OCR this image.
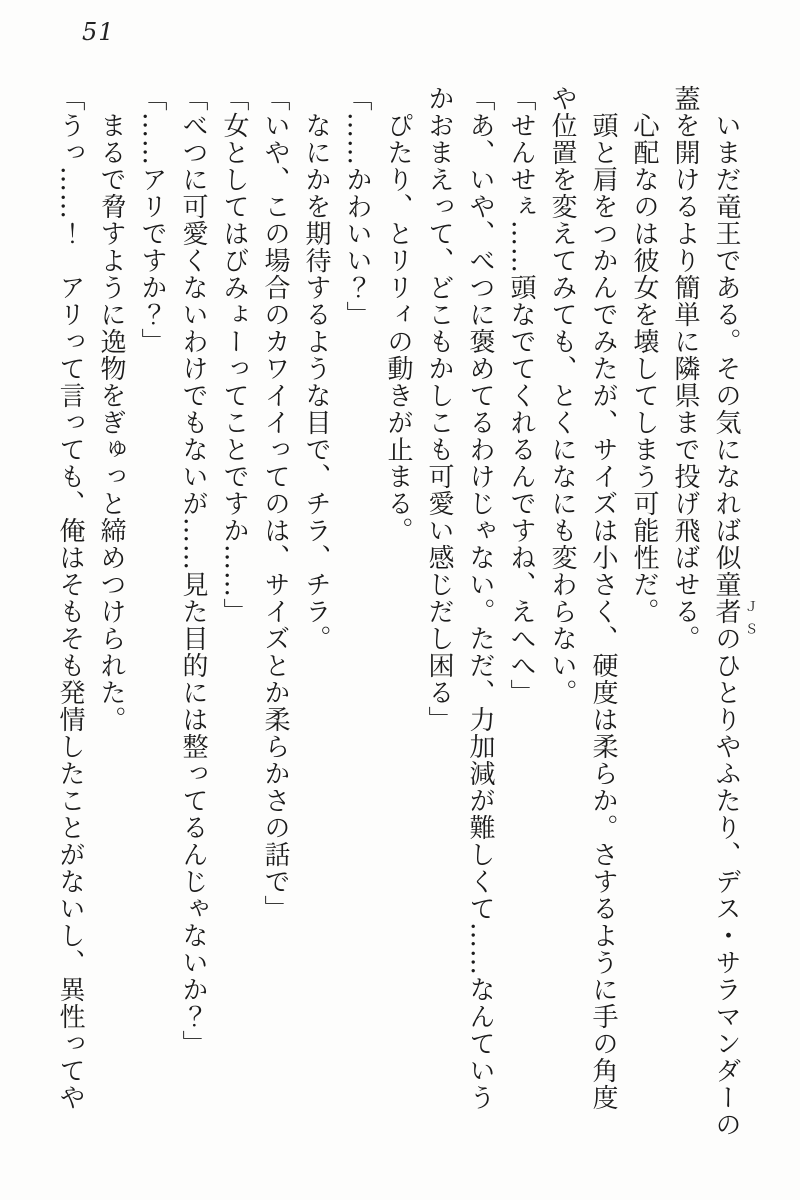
51
いまだ竜王である。その気になれば似童者 ＪＳ
のひとりやふたり、デス・サラマンダーの
蓋を開けるより簡単に隣県まで投げ飛ばせる。
心配なのは彼女を壊してしまう可能性だ。
頭と肩をつかんでみたが、サイズは小さく、硬度は柔らか。さするように手の角度
や位置を変えてみても、とくになにも変わらない。
「せんせぇ……頭なでてくれるんですね、えへへ」
「あ、いや、べつに褒めてるわけじゃない。ただ、力加減が難しくて……なんていう
かおまえって、どこもかしこも可愛い感じだし困る」
ぴたり、とリリィの動きが止まる。
「……かわいい？」
なにかを期待するような目で、チラ、チラ。
「いや、この場合のカワイイってのは、サイズとか柔らかさの話で」
「女としてはびみょーってことですか……」
「べつに可愛くないわけでもないが……見た目的には整ってるんじゃないか？」
「……アリですか？」
まるで脅すように逸物をぎゅっと締めつけられた。
「うっ……！　アリって言っても、俺はそもそも発情したことがないし、異性ってや
